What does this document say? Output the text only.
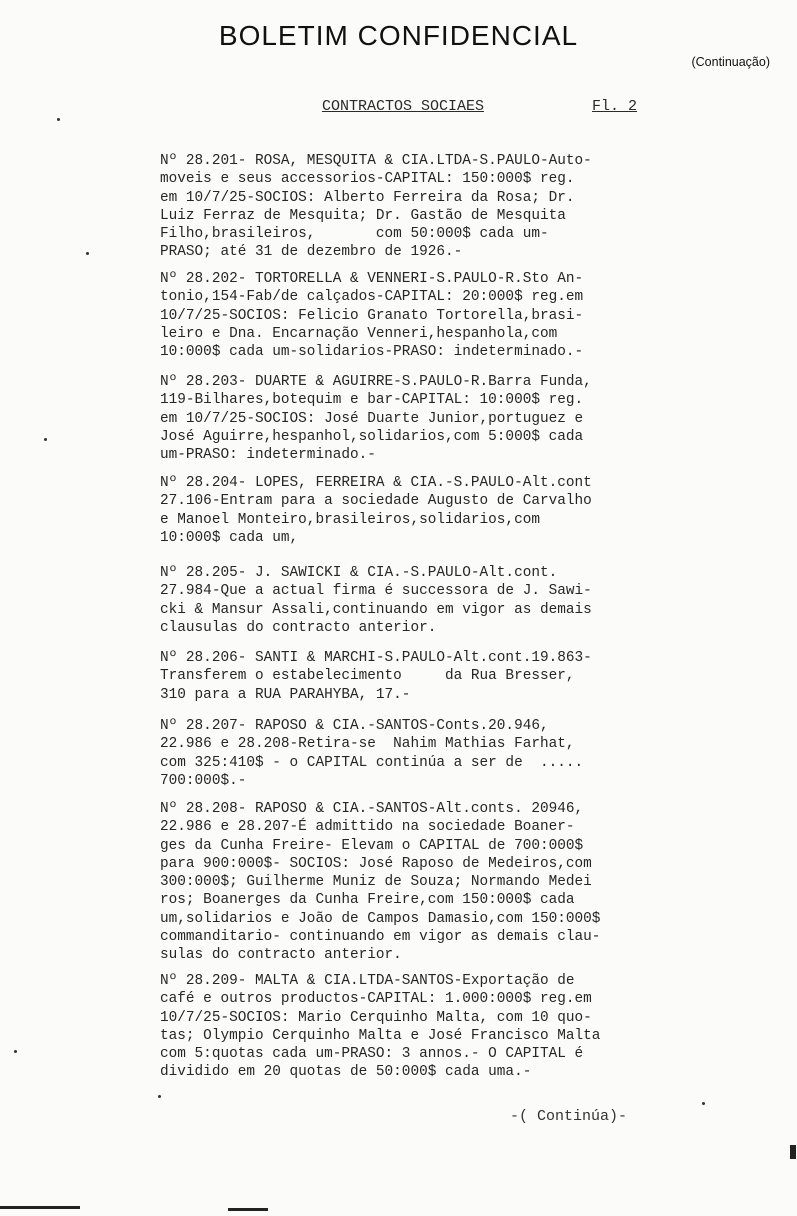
BOLETIM CONFIDENCIAL
(Continuação)
CONTRACTOS SOCIAES	Fl. 2
Nº 28.201- ROSA, MESQUITA & CIA.LTDA-S.PAULO-Auto-
moveis e seus accessorios-CAPITAL: 150:000$ reg.
em 10/7/25-SOCIOS: Alberto Ferreira da Rosa; Dr.
Luiz Ferraz de Mesquita; Dr. Gastão de Mesquita
Filho,brasileiros,       com 50:000$ cada um-
PRASO; até 31 de dezembro de 1926.-
Nº 28.202- TORTORELLA & VENNERI-S.PAULO-R.Sto An-
tonio,154-Fab/de calçados-CAPITAL: 20:000$ reg.em
10/7/25-SOCIOS: Felicio Granato Tortorella,brasi-
leiro e Dna. Encarnação Venneri,hespanhola,com
10:000$ cada um-solidarios-PRASO: indeterminado.-
Nº 28.203- DUARTE & AGUIRRE-S.PAULO-R.Barra Funda,
119-Bilhares,botequim e bar-CAPITAL: 10:000$ reg.
em 10/7/25-SOCIOS: José Duarte Junior,portuguez e
José Aguirre,hespanhol,solidarios,com 5:000$ cada
um-PRASO: indeterminado.-
Nº 28.204- LOPES, FERREIRA & CIA.-S.PAULO-Alt.cont
27.106-Entram para a sociedade Augusto de Carvalho
e Manoel Monteiro,brasileiros,solidarios,com
10:000$ cada um,
Nº 28.205- J. SAWICKI & CIA.-S.PAULO-Alt.cont.
27.984-Que a actual firma é successora de J. Sawi-
cki & Mansur Assali,continuando em vigor as demais
clausulas do contracto anterior.
Nº 28.206- SANTI & MARCHI-S.PAULO-Alt.cont.19.863-
Transferem o estabelecimento     da Rua Bresser,
310 para a RUA PARAHYBA, 17.-
Nº 28.207- RAPOSO & CIA.-SANTOS-Conts.20.946,
22.986 e 28.208-Retira-se  Nahim Mathias Farhat,
com 325:410$ - o CAPITAL continúa a ser de  .....
700:000$.-
Nº 28.208- RAPOSO & CIA.-SANTOS-Alt.conts. 20946,
22.986 e 28.207-É admittido na sociedade Boaner-
ges da Cunha Freire- Elevam o CAPITAL de 700:000$
para 900:000$- SOCIOS: José Raposo de Medeiros,com
300:000$; Guilherme Muniz de Souza; Normando Medei
ros; Boanerges da Cunha Freire,com 150:000$ cada
um,solidarios e João de Campos Damasio,com 150:000$
commanditario- continuando em vigor as demais clau-
sulas do contracto anterior.
Nº 28.209- MALTA & CIA.LTDA-SANTOS-Exportação de
café e outros productos-CAPITAL: 1.000:000$ reg.em
10/7/25-SOCIOS: Mario Cerquinho Malta, com 10 quo-
tas; Olympio Cerquinho Malta e José Francisco Malta
com 5:quotas cada um-PRASO: 3 annos.- O CAPITAL é
dividido em 20 quotas de 50:000$ cada uma.-
-( Continúa)-
